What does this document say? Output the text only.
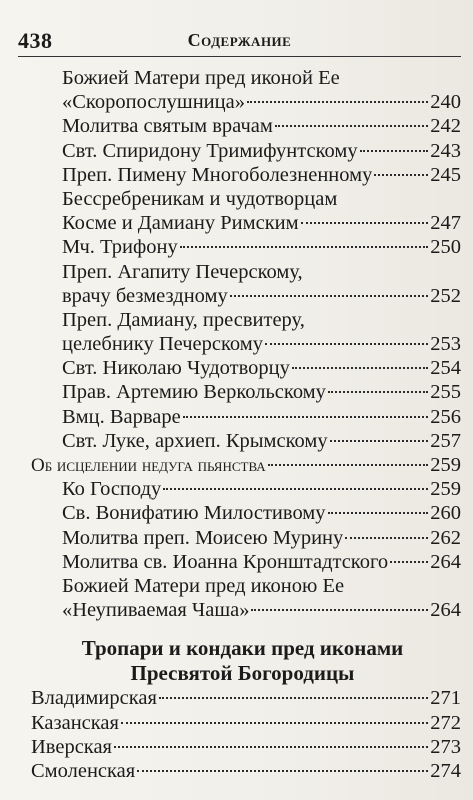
438	Содержание
Божией Матери пред иконой Ее
«Скоропослушница»	240
Молитва святым врачам	242
Свт. Спиридону Тримифунтскому	243
Преп. Пимену Многоболезненному	245
Бессребреникам и чудотворцам
Косме и Дамиану Римским	247
Мч. Трифону	250
Преп. Агапиту Печерскому,
врачу безмездному	252
Преп. Дамиану, пресвитеру,
целебнику Печерскому	253
Свт. Николаю Чудотворцу	254
Прав. Артемию Веркольскому	255
Вмц. Варваре	256
Свт. Луке, архиеп. Крымскому	257
Об исцелении недуга пьянства	259
Ко Господу	259
Св. Вонифатию Милостивому	260
Молитва преп. Моисею Мурину	262
Молитва св. Иоанна Кронштадтского 264
Божией Матери пред иконою Ее
«Неупиваемая Чаша»	264
Тропари и кондаки пред иконами
Пресвятой Богородицы
Владимирская	271
Казанская	272
Иверская	273
Смоленская	274
